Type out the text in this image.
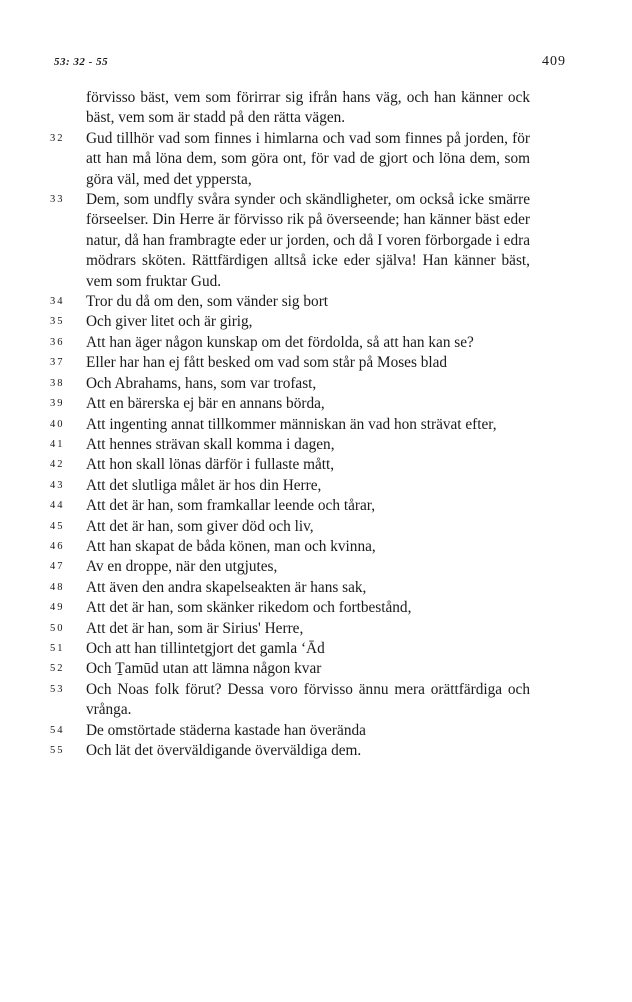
53: 32 - 55	409
förvisso bäst, vem som förirrar sig ifrån hans väg, och han känner ock bäst, vem som är stadd på den rätta vägen.
32	Gud tillhör vad som finnes i himlarna och vad som finnes på jorden, för att han må löna dem, som göra ont, för vad de gjort och löna dem, som göra väl, med det yppersta,
33	Dem, som undfly svåra synder och skändligheter, om också icke smärre förseelser. Din Herre är förvisso rik på överseende; han känner bäst eder natur, då han frambragte eder ur jorden, och då I voren förborgade i edra mödrars sköten. Rättfärdigen alltså icke eder själva! Han känner bäst, vem som fruktar Gud.
34	Tror du då om den, som vänder sig bort
35	Och giver litet och är girig,
36	Att han äger någon kunskap om det fördolda, så att han kan se?
37	Eller har han ej fått besked om vad som står på Moses blad
38	Och Abrahams, hans, som var trofast,
39	Att en bärerska ej bär en annans börda,
40	Att ingenting annat tillkommer människan än vad hon strävat efter,
41	Att hennes strävan skall komma i dagen,
42	Att hon skall lönas därför i fullaste mått,
43	Att det slutliga målet är hos din Herre,
44	Att det är han, som framkallar leende och tårar,
45	Att det är han, som giver död och liv,
46	Att han skapat de båda könen, man och kvinna,
47	Av en droppe, när den utgjutes,
48	Att även den andra skapelseakten är hans sak,
49	Att det är han, som skänker rikedom och fortbestånd,
50	Att det är han, som är Sirius' Herre,
51	Och att han tillintetgjort det gamla ‘Ād
52	Och Ṯamūd utan att lämna någon kvar
53	Och Noas folk förut? Dessa voro förvisso ännu mera orättfärdiga och vrånga.
54	De omstörtade städerna kastade han överända
55	Och lät det överväldigande överväldiga dem.
